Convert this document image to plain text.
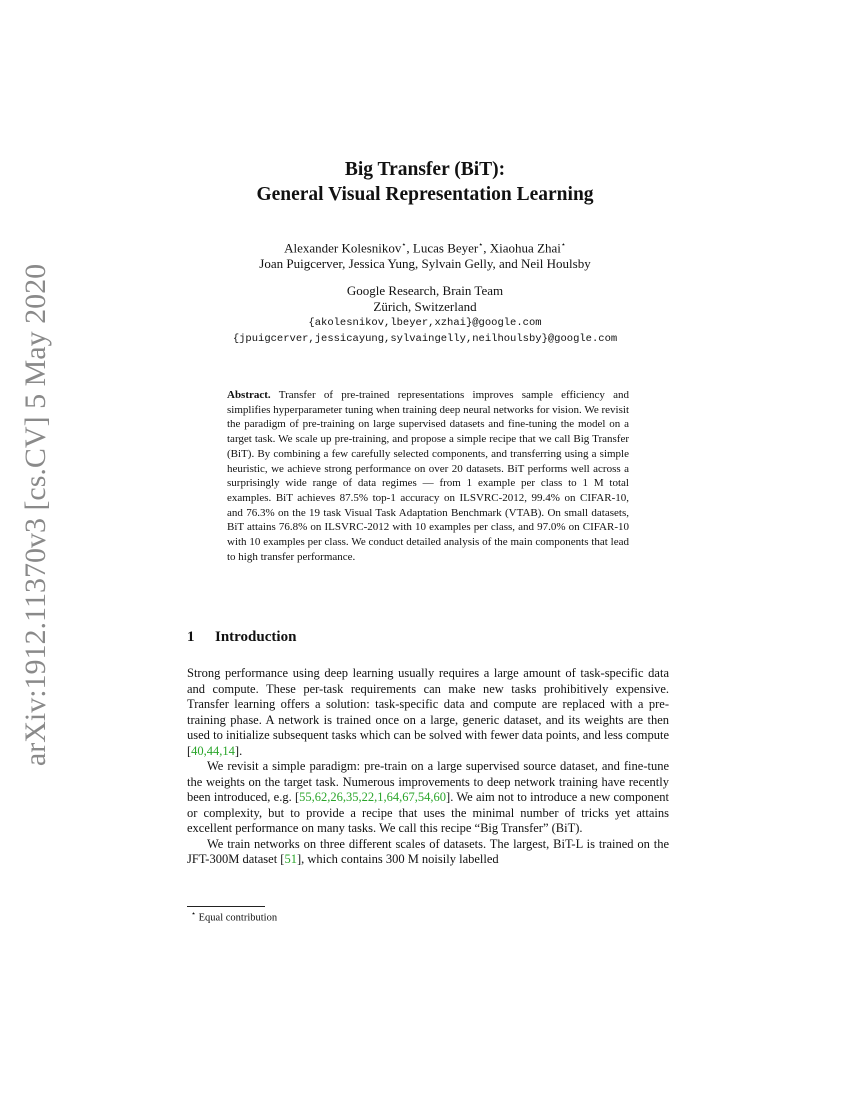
arXiv:1912.11370v3 [cs.CV] 5 May 2020
Big Transfer (BiT):
General Visual Representation Learning
Alexander Kolesnikov⋆, Lucas Beyer⋆, Xiaohua Zhai⋆
Joan Puigcerver, Jessica Yung, Sylvain Gelly, and Neil Houlsby
Google Research, Brain Team
Zürich, Switzerland
{akolesnikov,lbeyer,xzhai}@google.com
{jpuigcerver,jessicayung,sylvaingelly,neilhoulsby}@google.com
Abstract. Transfer of pre-trained representations improves sample efficiency and simplifies hyperparameter tuning when training deep neural networks for vision. We revisit the paradigm of pre-training on large supervised datasets and fine-tuning the model on a target task. We scale up pre-training, and propose a simple recipe that we call Big Transfer (BiT). By combining a few carefully selected components, and transferring using a simple heuristic, we achieve strong performance on over 20 datasets. BiT performs well across a surprisingly wide range of data regimes — from 1 example per class to 1 M total examples. BiT achieves 87.5% top-1 accuracy on ILSVRC-2012, 99.4% on CIFAR-10, and 76.3% on the 19 task Visual Task Adaptation Benchmark (VTAB). On small datasets, BiT attains 76.8% on ILSVRC-2012 with 10 examples per class, and 97.0% on CIFAR-10 with 10 examples per class. We conduct detailed analysis of the main components that lead to high transfer performance.
1 Introduction

Strong performance using deep learning usually requires a large amount of task-specific data and compute. These per-task requirements can make new tasks prohibitively expensive. Transfer learning offers a solution: task-specific data and compute are replaced with a pre-training phase. A network is trained once on a large, generic dataset, and its weights are then used to initialize subsequent tasks which can be solved with fewer data points, and less compute [40,44,14].

We revisit a simple paradigm: pre-train on a large supervised source dataset, and fine-tune the weights on the target task. Numerous improvements to deep network training have recently been introduced, e.g. [55,62,26,35,22,1,64,67,54,60]. We aim not to introduce a new component or complexity, but to provide a recipe that uses the minimal number of tricks yet attains excellent performance on many tasks. We call this recipe “Big Transfer” (BiT).

We train networks on three different scales of datasets. The largest, BiT-L is trained on the JFT-300M dataset [51], which contains 300 M noisily labelled

⋆ Equal contribution
